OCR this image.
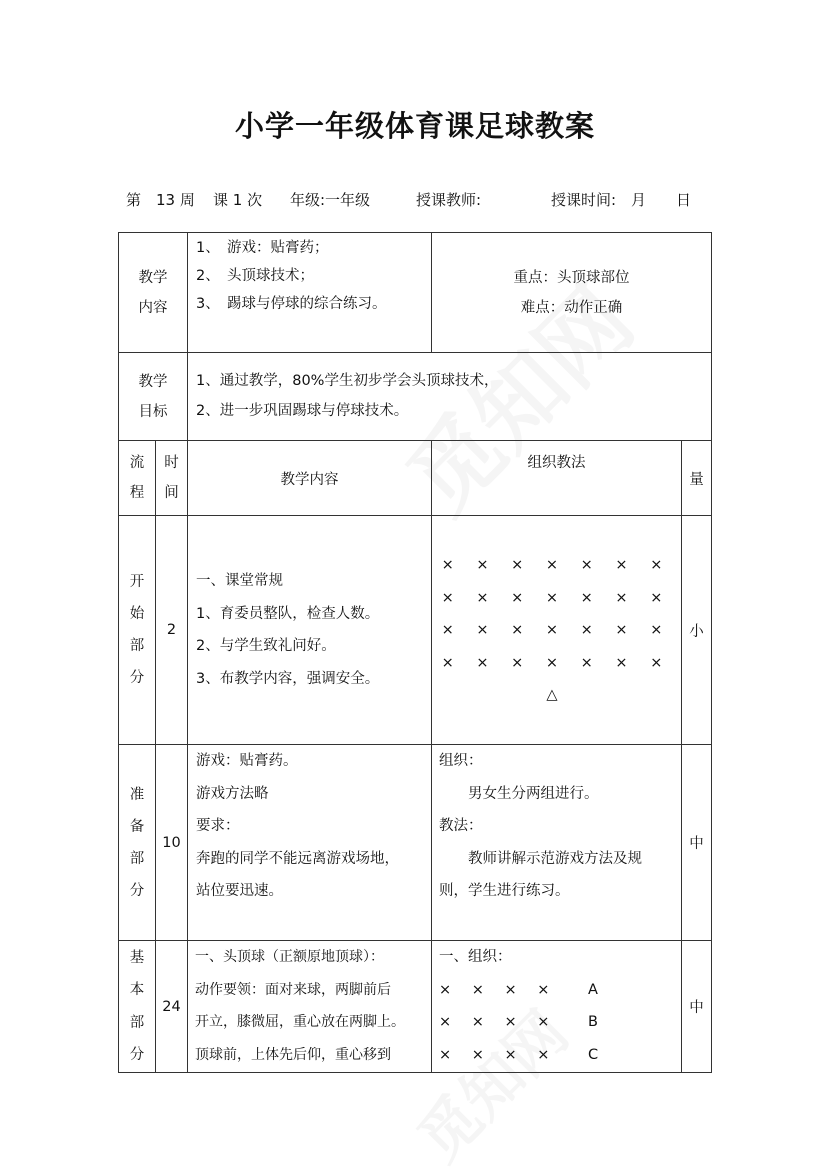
小学一年级体育课足球教案
第　13 周 课 1 次 年级:一年级	授课教师:	授课时间:　月　　日
教学
内容
1、　游戏：贴膏药；
2、　头顶球技术；
3、　踢球与停球的综合练习。
重点：头顶球部位
难点：动作正确
教学
目标
1、通过教学，80%学生初步学会头顶球技术，
2、进一步巩固踢球与停球技术。
流
程
时
间
教学内容
组织教法
量
开
始
部
分
2
一、课堂常规
1、育委员整队，检查人数。
2、与学生致礼问好。
3、布教学内容，强调安全。
× × × × × × ×
× × × × × × ×
× × × × × × ×
× × × × × × ×
△
小
准
备
部
分
10
游戏：贴膏药。
游戏方法略
要求：
奔跑的同学不能远离游戏场地，
站位要迅速。
组织：
　　男女生分两组进行。
教法：
　　教师讲解示范游戏方法及规
则，学生进行练习。
中
基
本
部
分
24
一、头顶球（正额原地顶球）：
动作要领：面对来球，两脚前后
开立，膝微屈，重心放在两脚上。
顶球前，上体先后仰，重心移到
一、组织：
× × × × A
× × × × B
× × × × C
中
